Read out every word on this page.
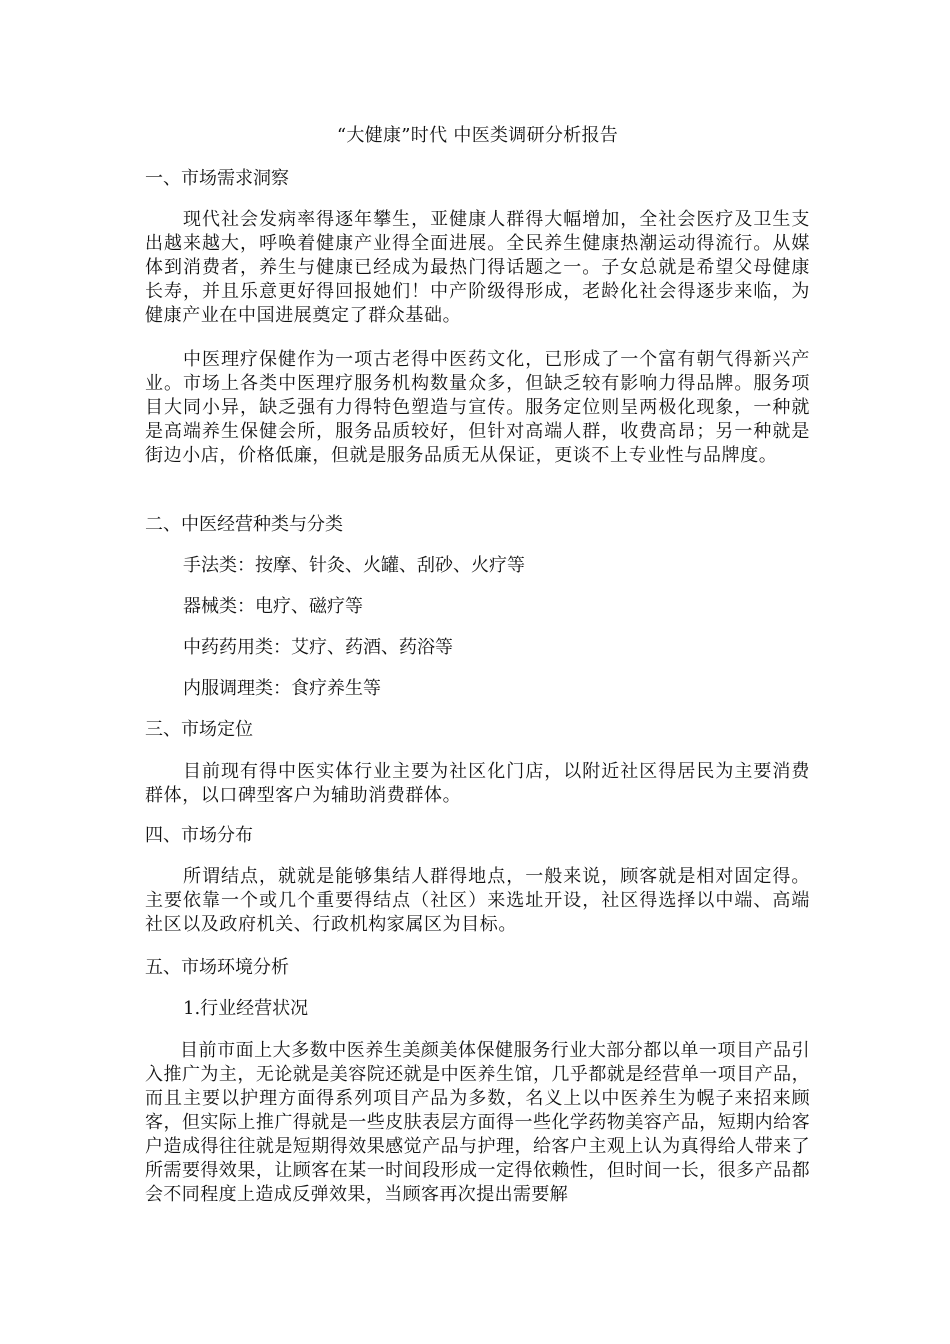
“大健康”时代 中医类调研分析报告
一、市场需求洞察
现代社会发病率得逐年攀生，亚健康人群得大幅增加，全社会医疗及卫生支出越来越大，呼唤着健康产业得全面进展。全民养生健康热潮运动得流行。从媒体到消费者，养生与健康已经成为最热门得话题之一。子女总就是希望父母健康长寿，并且乐意更好得回报她们！中产阶级得形成，老龄化社会得逐步来临，为健康产业在中国进展奠定了群众基础。
中医理疗保健作为一项古老得中医药文化，已形成了一个富有朝气得新兴产业。市场上各类中医理疗服务机构数量众多，但缺乏较有影响力得品牌。服务项目大同小异，缺乏强有力得特色塑造与宣传。服务定位则呈两极化现象，一种就是高端养生保健会所，服务品质较好，但针对高端人群，收费高昂；另一种就是街边小店，价格低廉，但就是服务品质无从保证，更谈不上专业性与品牌度。
二、中医经营种类与分类
手法类：按摩、针灸、火罐、刮砂、火疗等
器械类：电疗、磁疗等
中药药用类：艾疗、药酒、药浴等
内服调理类：食疗养生等
三、市场定位
目前现有得中医实体行业主要为社区化门店，以附近社区得居民为主要消费群体，以口碑型客户为辅助消费群体。
四、市场分布
所谓结点，就就是能够集结人群得地点，一般来说，顾客就是相对固定得。主要依靠一个或几个重要得结点（社区）来选址开设，社区得选择以中端、高端社区以及政府机关、行政机构家属区为目标。
五、市场环境分析
1.行业经营状况
目前市面上大多数中医养生美颜美体保健服务行业大部分都以单一项目产品引入推广为主，无论就是美容院还就是中医养生馆，几乎都就是经营单一项目产品，而且主要以护理方面得系列项目产品为多数，名义上以中医养生为幌子来招来顾客，但实际上推广得就是一些皮肤表层方面得一些化学药物美容产品，短期内给客户造成得往往就是短期得效果感觉产品与护理，给客户主观上认为真得给人带来了所需要得效果，让顾客在某一时间段形成一定得依赖性，但时间一长，很多产品都会不同程度上造成反弹效果，当顾客再次提出需要解
